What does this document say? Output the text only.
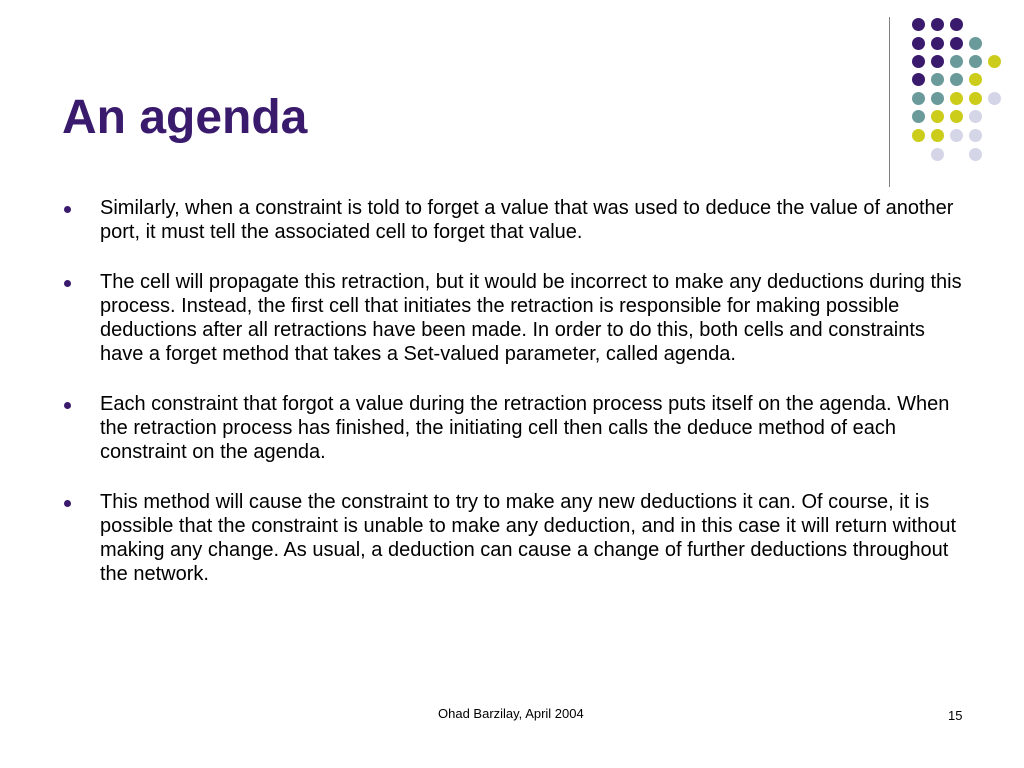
An agenda
Similarly, when a constraint is told to forget a value that was used to deduce the value of another port, it must tell the associated cell to forget that value.
The cell will propagate this retraction, but it would be incorrect to make any deductions during this process. Instead, the first cell that initiates the retraction is responsible for making possible deductions after all retractions have been made. In order to do this, both cells and constraints have a forget method that takes a Set-valued parameter, called agenda.
Each constraint that forgot a value during the retraction process puts itself on the agenda. When the retraction process has finished, the initiating cell then calls the deduce method of each constraint on the agenda.
This method will cause the constraint to try to make any new deductions it can. Of course, it is possible that the constraint is unable to make any deduction, and in this case it will return without making any change. As usual, a deduction can cause a change of further deductions throughout the network.
Ohad Barzilay, April 2004	15
